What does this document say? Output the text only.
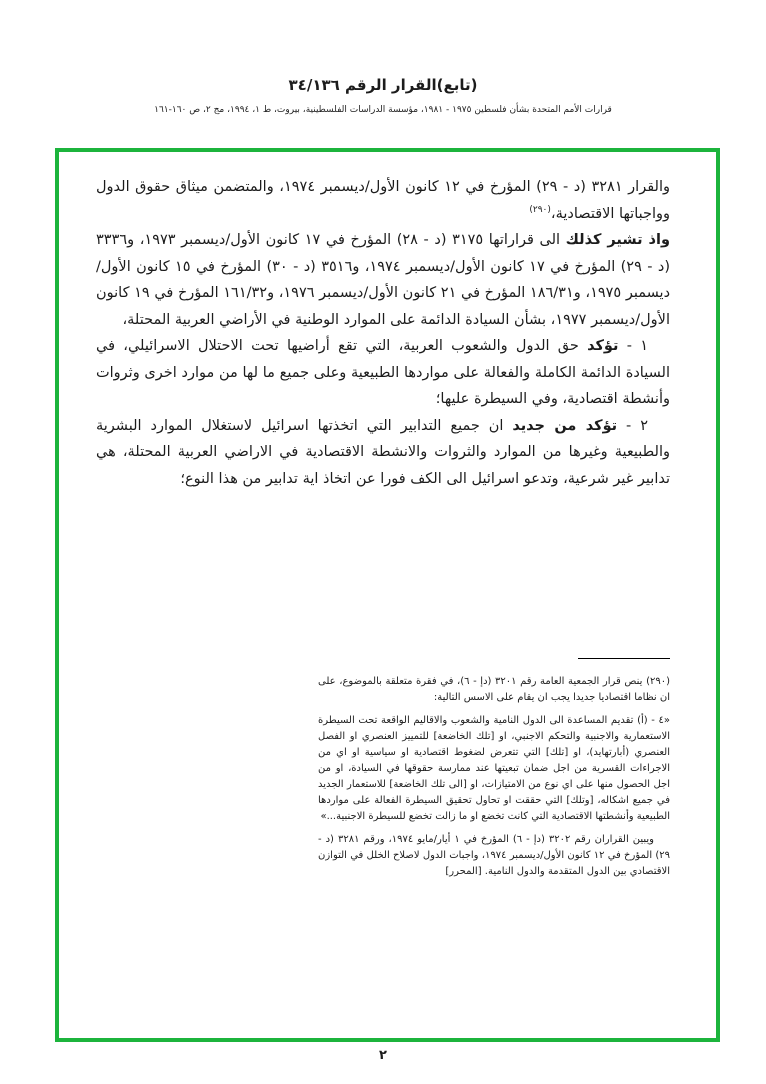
(تابع)القرار الرقم ٣٤/١٣٦
قرارات الأمم المتحدة بشأن فلسطين ١٩٧٥ - ١٩٨١، مؤسسة الدراسات الفلسطينية، بيروت، ط ١، ١٩٩٤، مج ٢، ص ١٦٠-١٦١

والقرار ٣٢٨١ (د - ٢٩) المؤرخ في ١٢ كانون الأول/ديسمبر ١٩٧٤، والمتضمن ميثاق حقوق الدول وواجباتها الاقتصادية،$^{(٢٩٠)}$

واذ تشير كذلك الى قراراتها ٣١٧٥ (د - ٢٨) المؤرخ في ١٧ كانون الأول/ديسمبر ١٩٧٣، و٣٣٣٦ (د - ٢٩) المؤرخ في ١٧ كانون الأول/ديسمبر ١٩٧٤، و٣٥١٦ (د - ٣٠) المؤرخ في ١٥ كانون الأول/ديسمبر ١٩٧٥، و١٨٦/٣١ المؤرخ في ٢١ كانون الأول/ديسمبر ١٩٧٦، و١٦١/٣٢ المؤرخ في ١٩ كانون الأول/ديسمبر ١٩٧٧، بشأن السيادة الدائمة على الموارد الوطنية في الأراضي العربية المحتلة،

١ - تؤكد حق الدول والشعوب العربية، التي تقع أراضيها تحت الاحتلال الاسرائيلي، في السيادة الدائمة الكاملة والفعالة على مواردها الطبيعية وعلى جميع ما لها من موارد اخرى وثروات وأنشطة اقتصادية، وفي السيطرة عليها؛

٢ - تؤكد من جديد ان جميع التدابير التي اتخذتها اسرائيل لاستغلال الموارد البشرية والطبيعية وغيرها من الموارد والثروات والانشطة الاقتصادية في الاراضي العربية المحتلة، هي تدابير غير شرعية، وتدعو اسرائيل الى الكف فورا عن اتخاذ اية تدابير من هذا النوع؛

(٢٩٠) ينص قرار الجمعية العامة رقم ٣٢٠١ (دإ - ٦)، في فقرة متعلقة بالموضوع، على ان نظاما اقتصاديا جديدا يجب ان يقام على الاسس التالية:

«٤ - (أ) تقديم المساعدة الى الدول النامية والشعوب والاقاليم الواقعة تحت السيطرة الاستعمارية والاجنبية والتحكم الاجنبي، او [تلك الخاضعة] للتمييز العنصري او الفصل العنصري (أبارتهايد)، او [تلك] التي تتعرض لضغوط اقتصادية او سياسية او اي من الاجراءات القسرية من اجل ضمان تبعيتها عند ممارسة حقوقها في السيادة، او من اجل الحصول منها على اي نوع من الامتيازات، او [الى تلك الخاضعة] للاستعمار الجديد في جميع اشكاله، [وتلك] التي حققت او تحاول تحقيق السيطرة الفعالة على مواردها الطبيعية وأنشطتها الاقتصادية التي كانت تخضع او ما زالت تخضع للسيطرة الاجنبية...»

ويبين القراران رقم ٣٢٠٢ (دإ - ٦) المؤرخ في ١ أيار/مايو ١٩٧٤، ورقم ٣٢٨١ (د - ٢٩) المؤرخ في ١٢ كانون الأول/ديسمبر ١٩٧٤، واجبات الدول لاصلاح الخلل في التوازن الاقتصادي بين الدول المتقدمة والدول النامية. [المحرر]

٢
